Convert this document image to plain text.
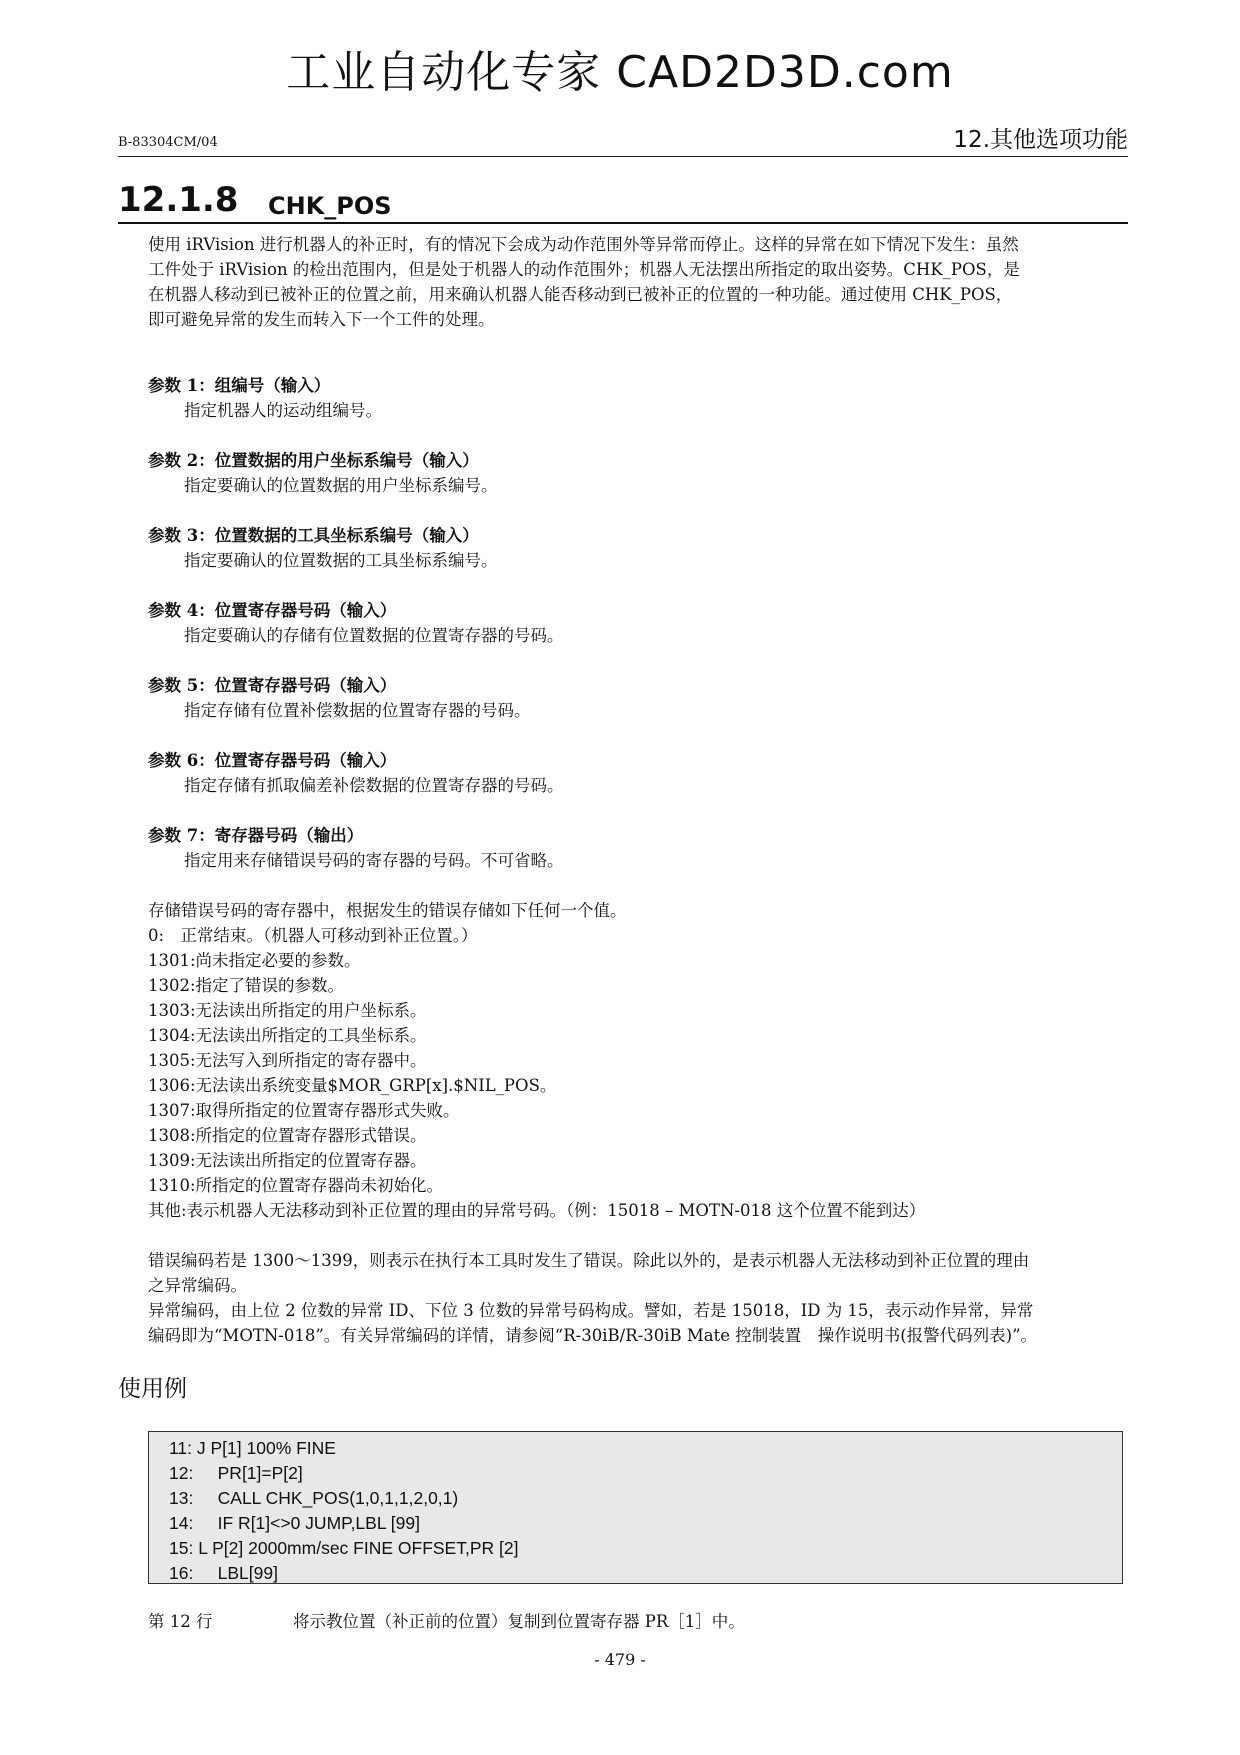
工业自动化专家 CAD2D3D.com
B-83304CM/04	12.其他选项功能
12.1.8 CHK_POS

使用 iRVision 进行机器人的补正时，有的情况下会成为动作范围外等异常而停止。这样的异常在如下情况下发生：虽然

工件处于 iRVision 的检出范围内，但是处于机器人的动作范围外；机器人无法摆出所指定的取出姿势。CHK_POS，是

在机器人移动到已被补正的位置之前，用来确认机器人能否移动到已被补正的位置的一种功能。通过使用 CHK_POS，

即可避免异常的发生而转入下一个工件的处理。

参数 1：组编号（输入）

指定机器人的运动组编号。

参数 2：位置数据的用户坐标系编号（输入）

指定要确认的位置数据的用户坐标系编号。

参数 3：位置数据的工具坐标系编号（输入）

指定要确认的位置数据的工具坐标系编号。

参数 4：位置寄存器号码（输入）

指定要确认的存储有位置数据的位置寄存器的号码。

参数 5：位置寄存器号码（输入）

指定存储有位置补偿数据的位置寄存器的号码。

参数 6：位置寄存器号码（输入）

指定存储有抓取偏差补偿数据的位置寄存器的号码。

参数 7：寄存器号码（输出）

指定用来存储错误号码的寄存器的号码。不可省略。

存储错误号码的寄存器中，根据发生的错误存储如下任何一个值。

0:　正常结束。（机器人可移动到补正位置。）

1301:尚未指定必要的参数。

1302:指定了错误的参数。

1303:无法读出所指定的用户坐标系。

1304:无法读出所指定的工具坐标系。

1305:无法写入到所指定的寄存器中。

1306:无法读出系统变量$MOR_GRP[x].$NIL_POS。

1307:取得所指定的位置寄存器形式失败。

1308:所指定的位置寄存器形式错误。

1309:无法读出所指定的位置寄存器。

1310:所指定的位置寄存器尚未初始化。

其他:表示机器人无法移动到补正位置的理由的异常号码。（例：15018 – MOTN-018 这个位置不能到达）

错误编码若是 1300～1399，则表示在执行本工具时发生了错误。除此以外的，是表示机器人无法移动到补正位置的理由

之异常编码。

异常编码，由上位 2 位数的异常 ID、下位 3 位数的异常号码构成。譬如，若是 15018，ID 为 15，表示动作异常，异常

编码即为“MOTN-018”。有关异常编码的详情，请参阅“R-30iB/R-30iB Mate 控制装置　操作说明书(报警代码列表)”。

使用例
11: J P[1] 100% FINE
12:     PR[1]=P[2]
13:     CALL CHK_POS(1,0,1,1,2,0,1)
14:     IF R[1]<>0 JUMP,LBL [99]
15: L P[2] 2000mm/sec FINE OFFSET,PR [2]
16:     LBL[99]
第 12 行	将示教位置（补正前的位置）复制到位置寄存器 PR［1］中。
- 479 -
